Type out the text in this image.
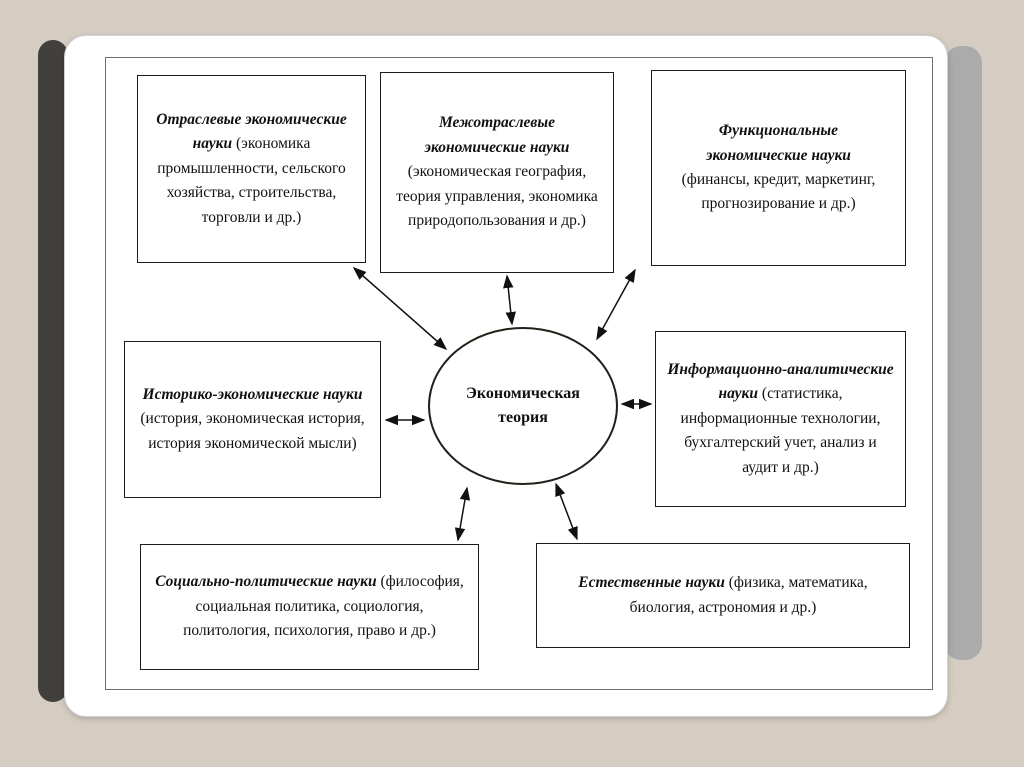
Отраслевые экономические науки (экономика промышленности, сельского хозяйства, строительства, торговли и др.)
Межотраслевые экономические науки (экономическая география, теория управления, экономика природопользования и др.)
Функциональные экономические науки (финансы, кредит, маркетинг, прогнозирование и др.)
Историко-экономические науки (история, экономическая история, история экономической мысли)
Информационно-аналитические науки (статистика, информационные технологии, бухгалтерский учет, анализ и аудит и др.)
Социально-политические науки (философия, социальная политика, социология, политология, психология, право и др.)
Естественные науки (физика, математика, биология, астрономия и др.)
Экономическая теория
